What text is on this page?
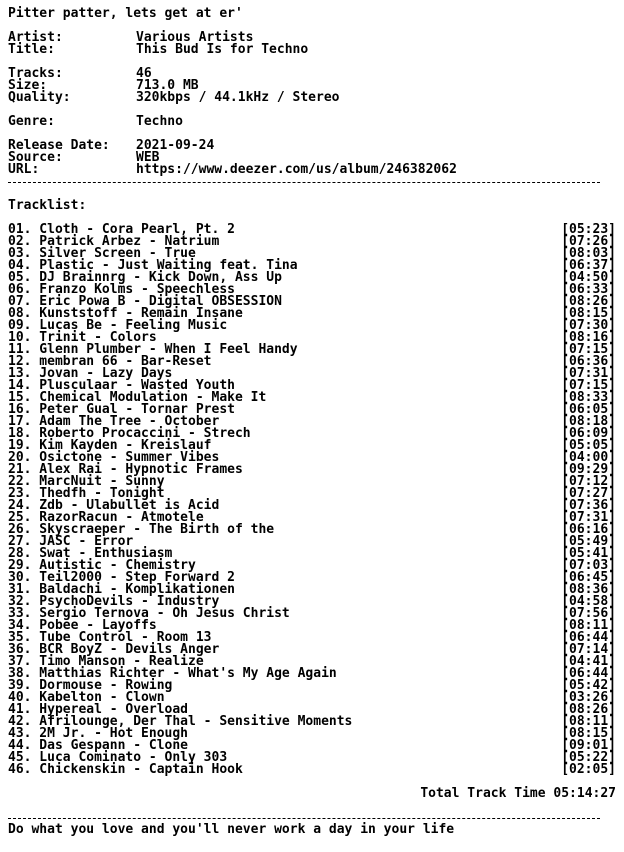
Pitter patter, lets get at er'
Artist:	Various Artists
Title:	This Bud Is for Techno
Tracks:	46
Size:	713.0 MB
Quality:	320kbps / 44.1kHz / Stereo
Genre:	Techno
Release Date:	2021-09-24
Source:	WEB
URL:	https://www.deezer.com/us/album/246382062
Tracklist:
01. Cloth - Cora Pearl, Pt. 2	[05:23]
02. Patrick Arbez - Natrium	[07:26]
03. Silver Screen - True	[08:03]
04. Plastic - Just Waiting feat. Tina	[06:37]
05. DJ Brainnrg - Kick Down, Ass Up	[04:50]
06. Franzo Kolms - Speechless	[06:33]
07. Eric Powa B - Digital OBSESSION	[08:26]
08. Kunststoff - Remain Insane	[08:15]
09. Lucas Be - Feeling Music	[07:30]
10. Trinit - Colors	[08:16]
11. Glenn Plumber - When I Feel Handy	[07:15]
12. membran 66 - Bar-Reset	[06:36]
13. Jovan - Lazy Days	[07:31]
14. Plusculaar - Wasted Youth	[07:15]
15. Chemical Modulation - Make It	[08:33]
16. Peter Gual - Tornar Prest	[06:05]
17. Adam The Tree - October	[08:18]
18. Roberto Procaccini - Strech	[06:09]
19. Kim Kayden - Kreislauf	[05:05]
20. Osictone - Summer Vibes	[04:00]
21. Alex Rai - Hypnotic Frames	[09:29]
22. MarcNuit - Sunny	[07:12]
23. Thedfh - Tonight	[07:27]
24. Zdb - Ulabullet is Acid	[07:36]
25. RazorRacun - Atmotele	[07:31]
26. Skyscraeper - The Birth of the	[06:16]
27. JASC - Error	[05:49]
28. Swat - Enthusiasm	[05:41]
29. Autistic - Chemistry	[07:03]
30. Teil2000 - Step Forward 2	[06:45]
31. Baldachi - Komplikationen	[08:36]
32. PsychoDevils - Industry	[04:58]
33. Sergio Ternova - Oh Jesus Christ	[07:56]
34. Pobee - Layoffs	[08:11]
35. Tube Control - Room 13	[06:44]
36. BCR BoyZ - Devils Anger	[07:14]
37. Timo Manson - Realize	[04:41]
38. Matthias Richter - What's My Age Again	[06:44]
39. Dormouse - Rowing	[05:42]
40. Kabelton - Clown	[03:26]
41. Hypereal - Overload	[08:26]
42. Afrilounge, Der Thal - Sensitive Moments	[08:11]
43. 2M Jr. - Hot Enough	[08:15]
44. Das Gespann - Clone	[09:01]
45. Luca Cominato - Only 303	[05:22]
46. Chickenskin - Captain Hook	[02:05]
Total Track Time 05:14:27
Do what you love and you'll never work a day in your life
